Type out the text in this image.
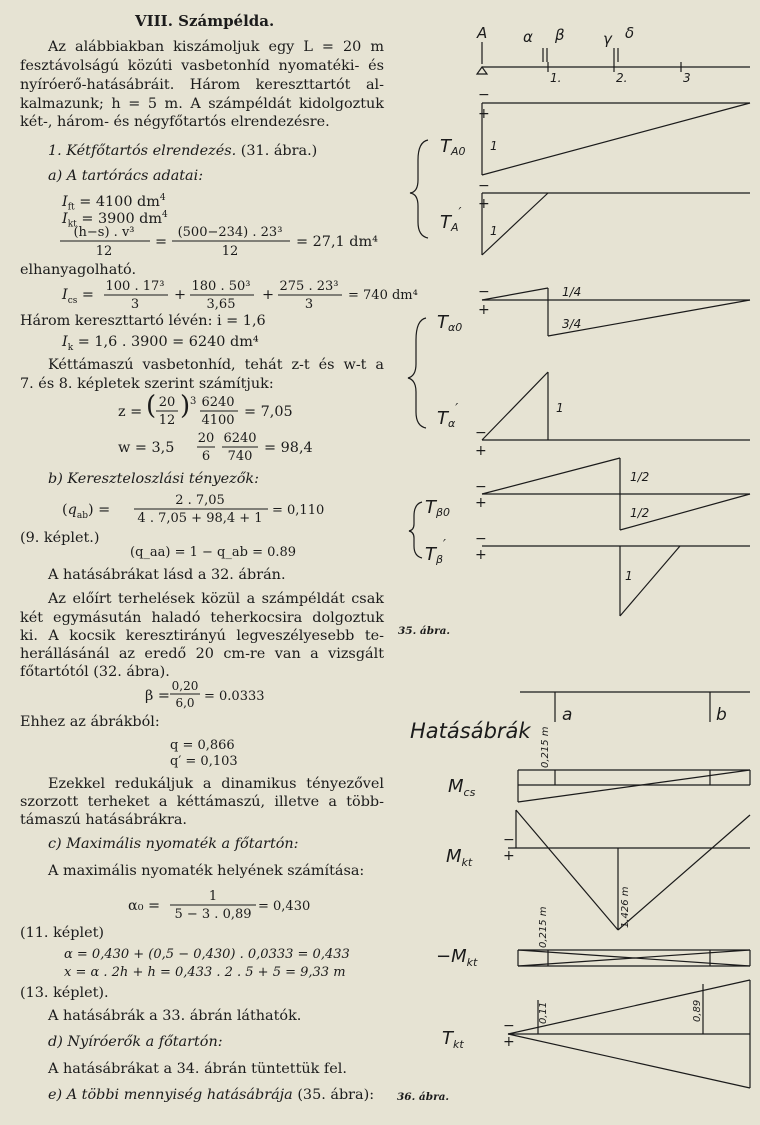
VIII. Számpélda.
Az alábbiakban kiszámoljuk egy L = 20 m
fesztávolságú közúti vasbetonhíd nyomatéki- és
nyíróerő-hatásábráit. Három kereszttartót al-
kalmazunk; h = 5 m. A számpéldát kidolgoztuk
két-, három- és négyfőtartós elrendezésre.
1. Kétfőtartós elrendezés. (31. ábra.)
a) A tartórács adatai:
$I_{ft} = 4100$ $dm^4$
$I_{kt} = 3900$ $dm^4$
(h−s) . v³
12
=
(500−234) . 23³
12
= 27,1 dm⁴
elhanyagolható.
$I_{cs}$ =
100 . 17³
3
+
180 . 50³
3,65
+
275 . 23³
3
= 740 dm⁴
Három kereszttartó lévén: i = 1,6
$I_k = 1,6$ . 3900 = 6240 dm⁴
Kéttámaszú vasbetonhíd, tehát z-t és w-t a
7. és 8. képletek szerint számítjuk:
z = ( 20
12 ) 3 6240
4100
= 7,05
w = 3,5
20
6
6240
740
= 98,4
b) Kereszteloszlási tényezők:
$(q_{ab})$ =
2 . 7,05
4 . 7,05 + 98,4 + 1
= 0,110
(9. képlet.)
(q_aa) = 1 − q_ab = 0.89
A hatásábrákat lásd a 32. ábrán.
Az előírt terhelések közül a számpéldát csak
két egymásután haladó teherkocsira dolgoztuk
ki. A kocsik keresztirányú legveszélyesebb te-
herállásánál az eredő 20 cm-re van a vizsgált
főtartótól (32. ábra).
β =
0,20
6,0 = 0.0333
Ehhez az ábrákból:
q = 0,866
q′ = 0,103
Ezekkel redukáljuk a dinamikus tényezővel
szorzott terheket a kéttámaszú, illetve a több-
támaszú hatásábrákra.
c) Maximális nyomaték a főtartón:
A maximális nyomaték helyének számítása:
α₀ =
1
5 − 3 . 0,89
= 0,430
(11. képlet)
α = 0,430 + (0,5 − 0,430) . 0,0333 = 0,433
x = α . 2h + h = 0,433 . 2 . 5 + 5 = 9,33 m
(13. képlet).
A hatásábrák a 33. ábrán láthatók.
d) Nyíróerők a főtartón:
A hatásábrákat a 34. ábrán tüntettük fel.
e) A többi mennyiség hatásábrája (35. ábra):
A α β	γ δ
1.	2.	3
−
+
−
+
−
+
−
+
−
+
−
+
TA0
TA′
Tα0
Tα′
Tβ0
Tβ′
1
1
1/4
3/4
1
1/2
1/2
1
35. ábra.
Hatásábrák
a	b
$M_{cs}$
$M_{kt}$
$-M_{kt}$
$T_{kt}$
0,215 m
1,426 m
0,215 m
0,11	0,89
−
+
−
+
36. ábra.
